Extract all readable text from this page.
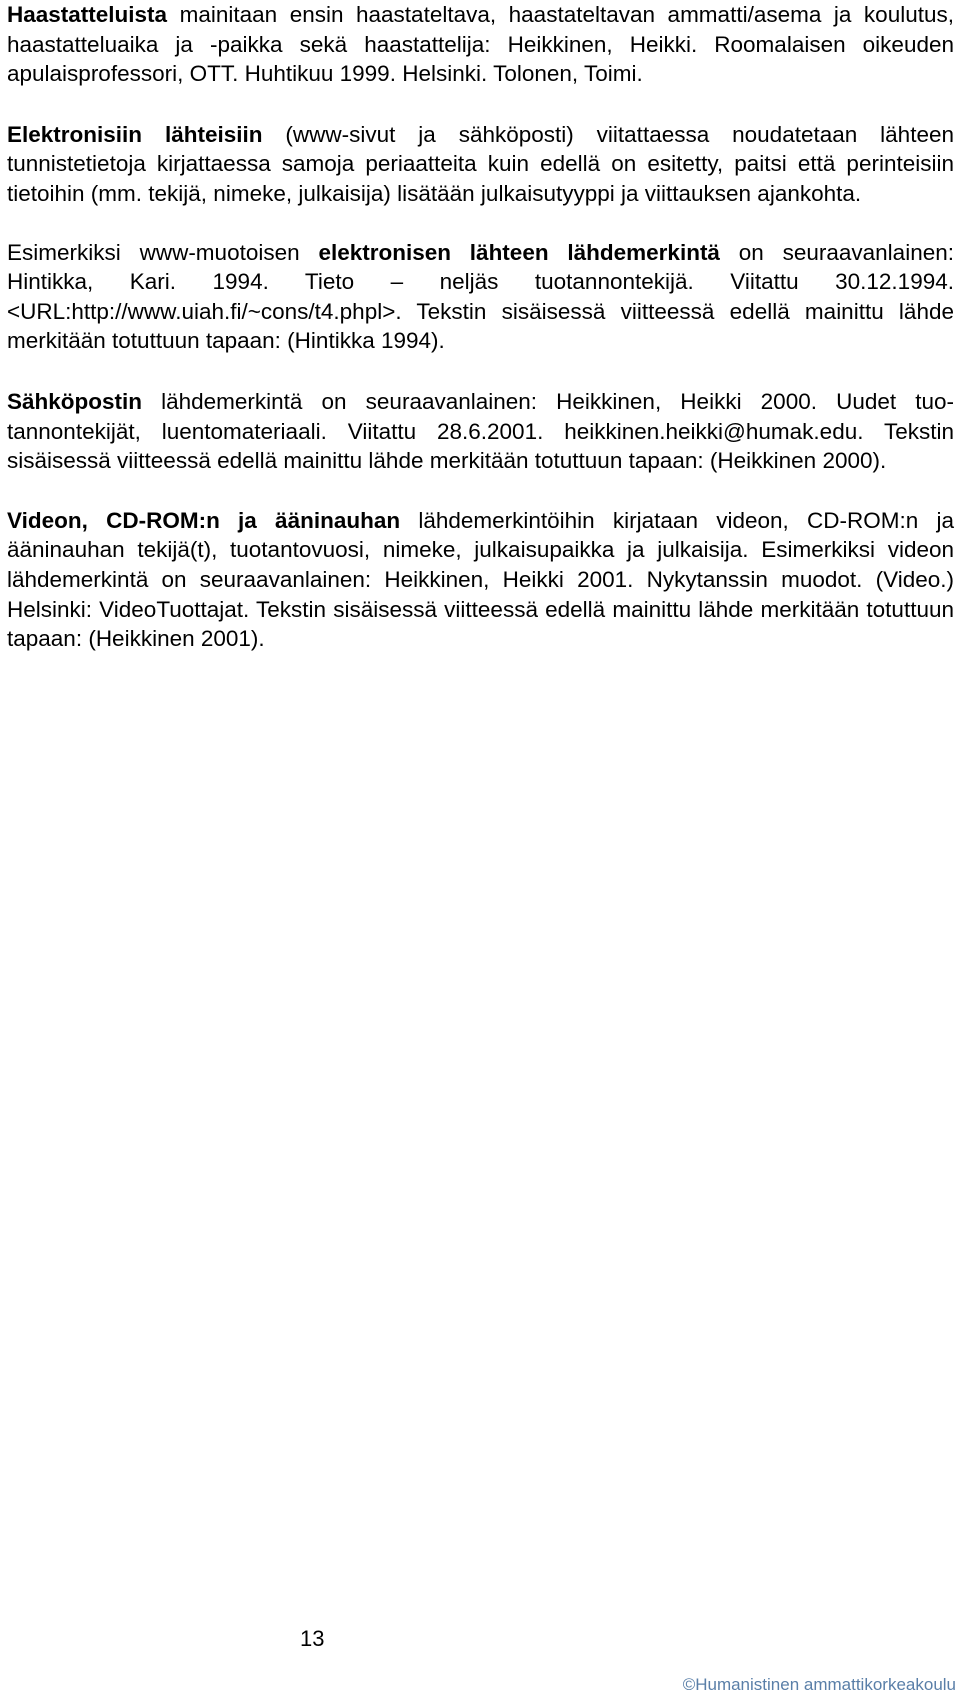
Haastatteluista mainitaan ensin haastateltava, haastateltavan ammatti/asema ja koulutus, haastatteluaika ja -paikka sekä haastattelija: Heikkinen, Heikki. Roomalaisen oikeuden apulaisprofessori, OTT. Huhtikuu 1999. Helsinki. Tolonen, Toimi.

Elektronisiin lähteisiin (www-sivut ja sähköposti) viitattaessa noudatetaan lähteen tunnistetietoja kirjattaessa samoja periaatteita kuin edellä on esitetty, paitsi että perinteisiin tietoihin (mm. tekijä, nimeke, julkaisija) lisätään julkaisutyyppi ja viittauksen ajankohta.

Esimerkiksi www-muotoisen elektronisen lähteen lähdemerkintä on seuraavanlainen: Hintikka, Kari. 1994. Tieto – neljäs tuotannontekijä. Viitattu 30.12.1994. <URL:http://www.uiah.fi/~cons/t4.phpl>. Tekstin sisäisessä viitteessä edellä mainittu lähde merkitään totuttuun tapaan: (Hintikka 1994).

Sähköpostin lähdemerkintä on seuraavanlainen: Heikkinen, Heikki 2000. Uudet tuotannontekijät, luentomateriaali. Viitattu 28.6.2001. heikkinen.heikki@humak.edu. Tekstin sisäisessä viitteessä edellä mainittu lähde merkitään totuttuun tapaan: (Heikkinen 2000).

Videon, CD-ROM:n ja ääninauhan lähdemerkintöihin kirjataan videon, CD-ROM:n ja ääninauhan tekijä(t), tuotantovuosi, nimeke, julkaisupaikka ja julkaisija. Esimerkiksi videon lähdemerkintä on seuraavanlainen: Heikkinen, Heikki 2001. Nykytanssin muodot. (Video.) Helsinki: VideoTuottajat. Tekstin sisäisessä viitteessä edellä mainittu lähde merkitään totuttuun tapaan: (Heikkinen 2001).

13
©Humanistinen ammattikorkeakoulu
